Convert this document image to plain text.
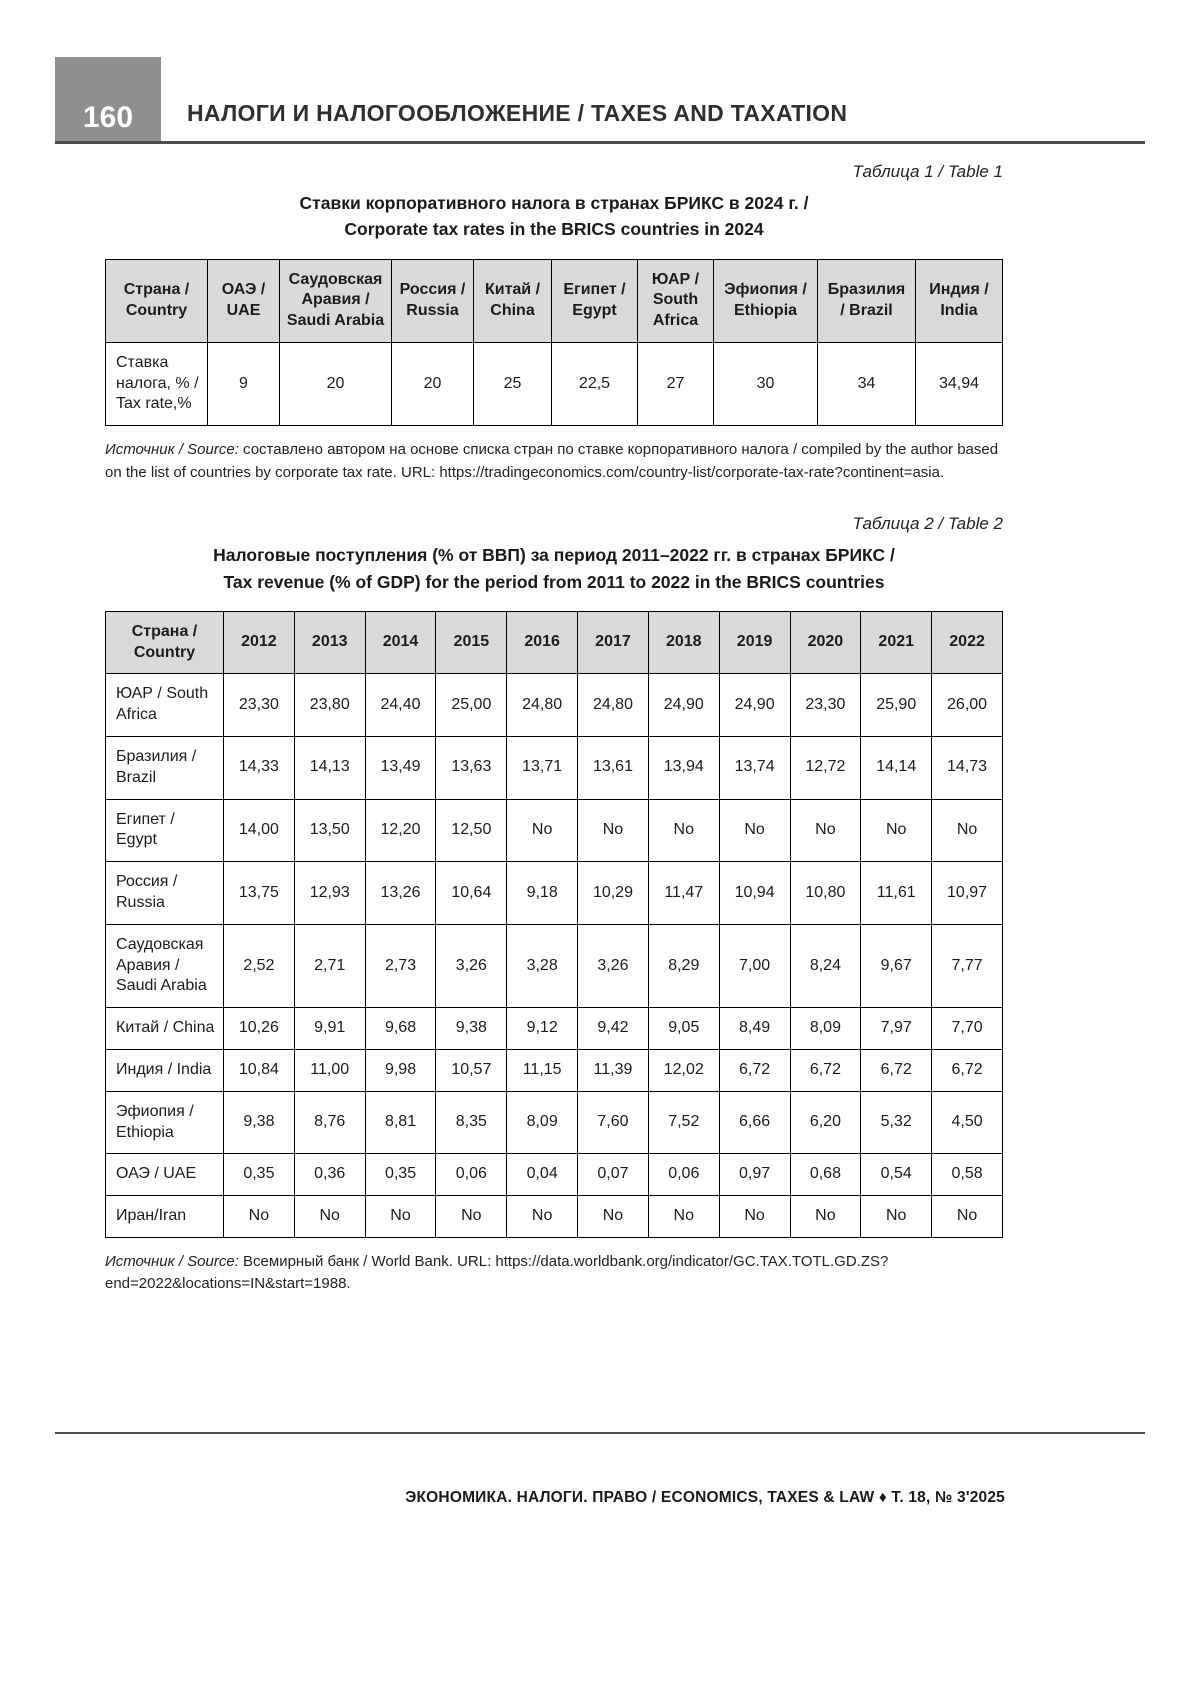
160 НАЛОГИ И НАЛОГООБЛОЖЕНИЕ / TAXES AND TAXATION
Таблица 1 / Table 1
Ставки корпоративного налога в странах БРИКС в 2024 г. /
Corporate tax rates in the BRICS countries in 2024
Страна / Country	ОАЭ / UAE	Саудовская Аравия / Saudi Arabia	Россия / Russia	Китай / China	Египет / Egypt	ЮАР / South Africa	Эфиопия / Ethiopia	Бразилия / Brazil	Индия / India
Ставка налога, % / Tax rate,%	9	20	20	25	22,5	27	30	34	34,94

Источник / Source: составлено автором на основе списка стран по ставке корпоративного налога / compiled by the author based on the list of countries by corporate tax rate. URL: https://tradingeconomics.com/country-list/corporate-tax-rate?continent=asia.

Таблица 2 / Table 2
Налоговые поступления (% от ВВП) за период 2011–2022 гг. в странах БРИКС /
Tax revenue (% of GDP) for the period from 2011 to 2022 in the BRICS countries
Страна / Country	2012	2013	2014	2015	2016	2017	2018	2019	2020	2021	2022
ЮАР / South Africa	23,30	23,80	24,40	25,00	24,80	24,80	24,90	24,90	23,30	25,90	26,00
Бразилия / Brazil	14,33	14,13	13,49	13,63	13,71	13,61	13,94	13,74	12,72	14,14	14,73
Египет / Egypt	14,00	13,50	12,20	12,50	No	No	No	No	No	No	No
Россия / Russia	13,75	12,93	13,26	10,64	9,18	10,29	11,47	10,94	10,80	11,61	10,97
Саудовская Аравия / Saudi Arabia	2,52	2,71	2,73	3,26	3,28	3,26	8,29	7,00	8,24	9,67	7,77
Китай / China	10,26	9,91	9,68	9,38	9,12	9,42	9,05	8,49	8,09	7,97	7,70
Индия / India	10,84	11,00	9,98	10,57	11,15	11,39	12,02	6,72	6,72	6,72	6,72
Эфиопия / Ethiopia	9,38	8,76	8,81	8,35	8,09	7,60	7,52	6,66	6,20	5,32	4,50
ОАЭ / UAE	0,35	0,36	0,35	0,06	0,04	0,07	0,06	0,97	0,68	0,54	0,58
Иран/Iran	No	No	No	No	No	No	No	No	No	No	No

Источник / Source: Всемирный банк / World Bank. URL: https://data.worldbank.org/indicator/GC.TAX.TOTL.GD.ZS?end=2022&locations=IN&start=1988.

ЭКОНОМИКА. НАЛОГИ. ПРАВО / ECONOMICS, TAXES & LAW ♦ Т. 18, № 3'2025
